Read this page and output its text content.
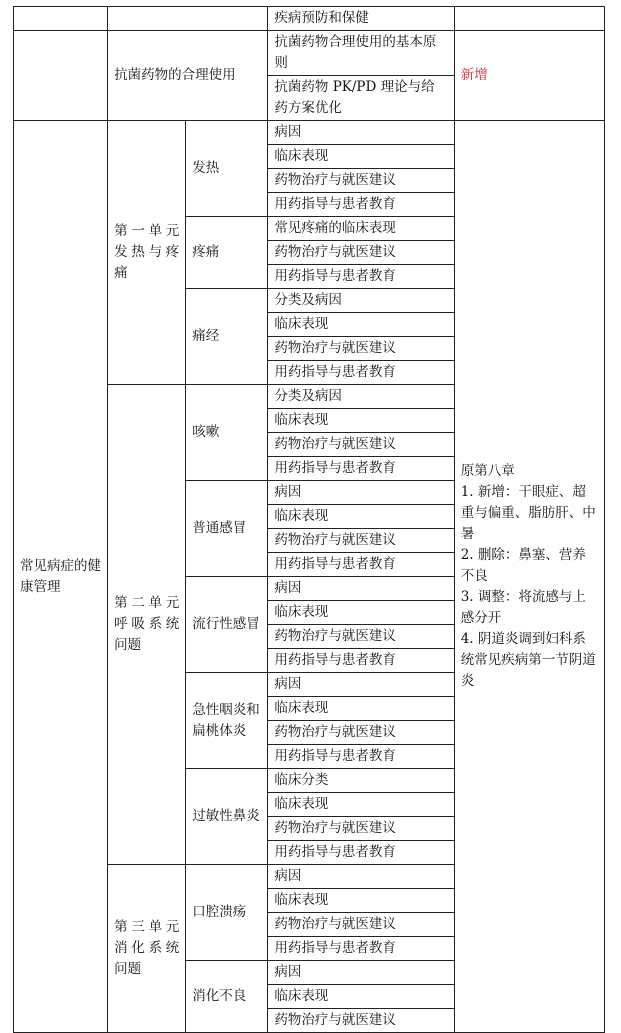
			疾病预防和保健	
	抗菌药物的合理使用		抗菌药物合理使用的基本原则	新增
			抗菌药物 PK/PD 理论与给药方案优化	
常见病症的健康管理	第一单元发热与疼痛	发热	病因	原第八章
1. 新增：干眼症、超重与偏重、脂肪肝、中暑
2. 删除：鼻塞、营养不良
3. 调整：将流感与上感分开
4. 阴道炎调到妇科系统常见疾病第一节阴道炎

			临床表现	
			药物治疗与就医建议	
			用药指导与患者教育	
		疼痛	常见疼痛的临床表现	
			药物治疗与就医建议	
			用药指导与患者教育	
		痛经	分类及病因	
			临床表现	
			药物治疗与就医建议	
			用药指导与患者教育	
	第二单元呼吸系统问题	咳嗽	分类及病因	
			临床表现	
			药物治疗与就医建议	
			用药指导与患者教育	
		普通感冒	病因	
			临床表现	
			药物治疗与就医建议	
			用药指导与患者教育	
		流行性感冒	病因	
			临床表现	
			药物治疗与就医建议	
			用药指导与患者教育	
		急性咽炎和扁桃体炎	病因	
			临床表现	
			药物治疗与就医建议	
			用药指导与患者教育	
		过敏性鼻炎	临床分类	
			临床表现	
			药物治疗与就医建议	
			用药指导与患者教育	
	第三单元消化系统问题	口腔溃疡	病因	
			临床表现	
			药物治疗与就医建议	
			用药指导与患者教育	
		消化不良	病因	
			临床表现	
			药物治疗与就医建议	
